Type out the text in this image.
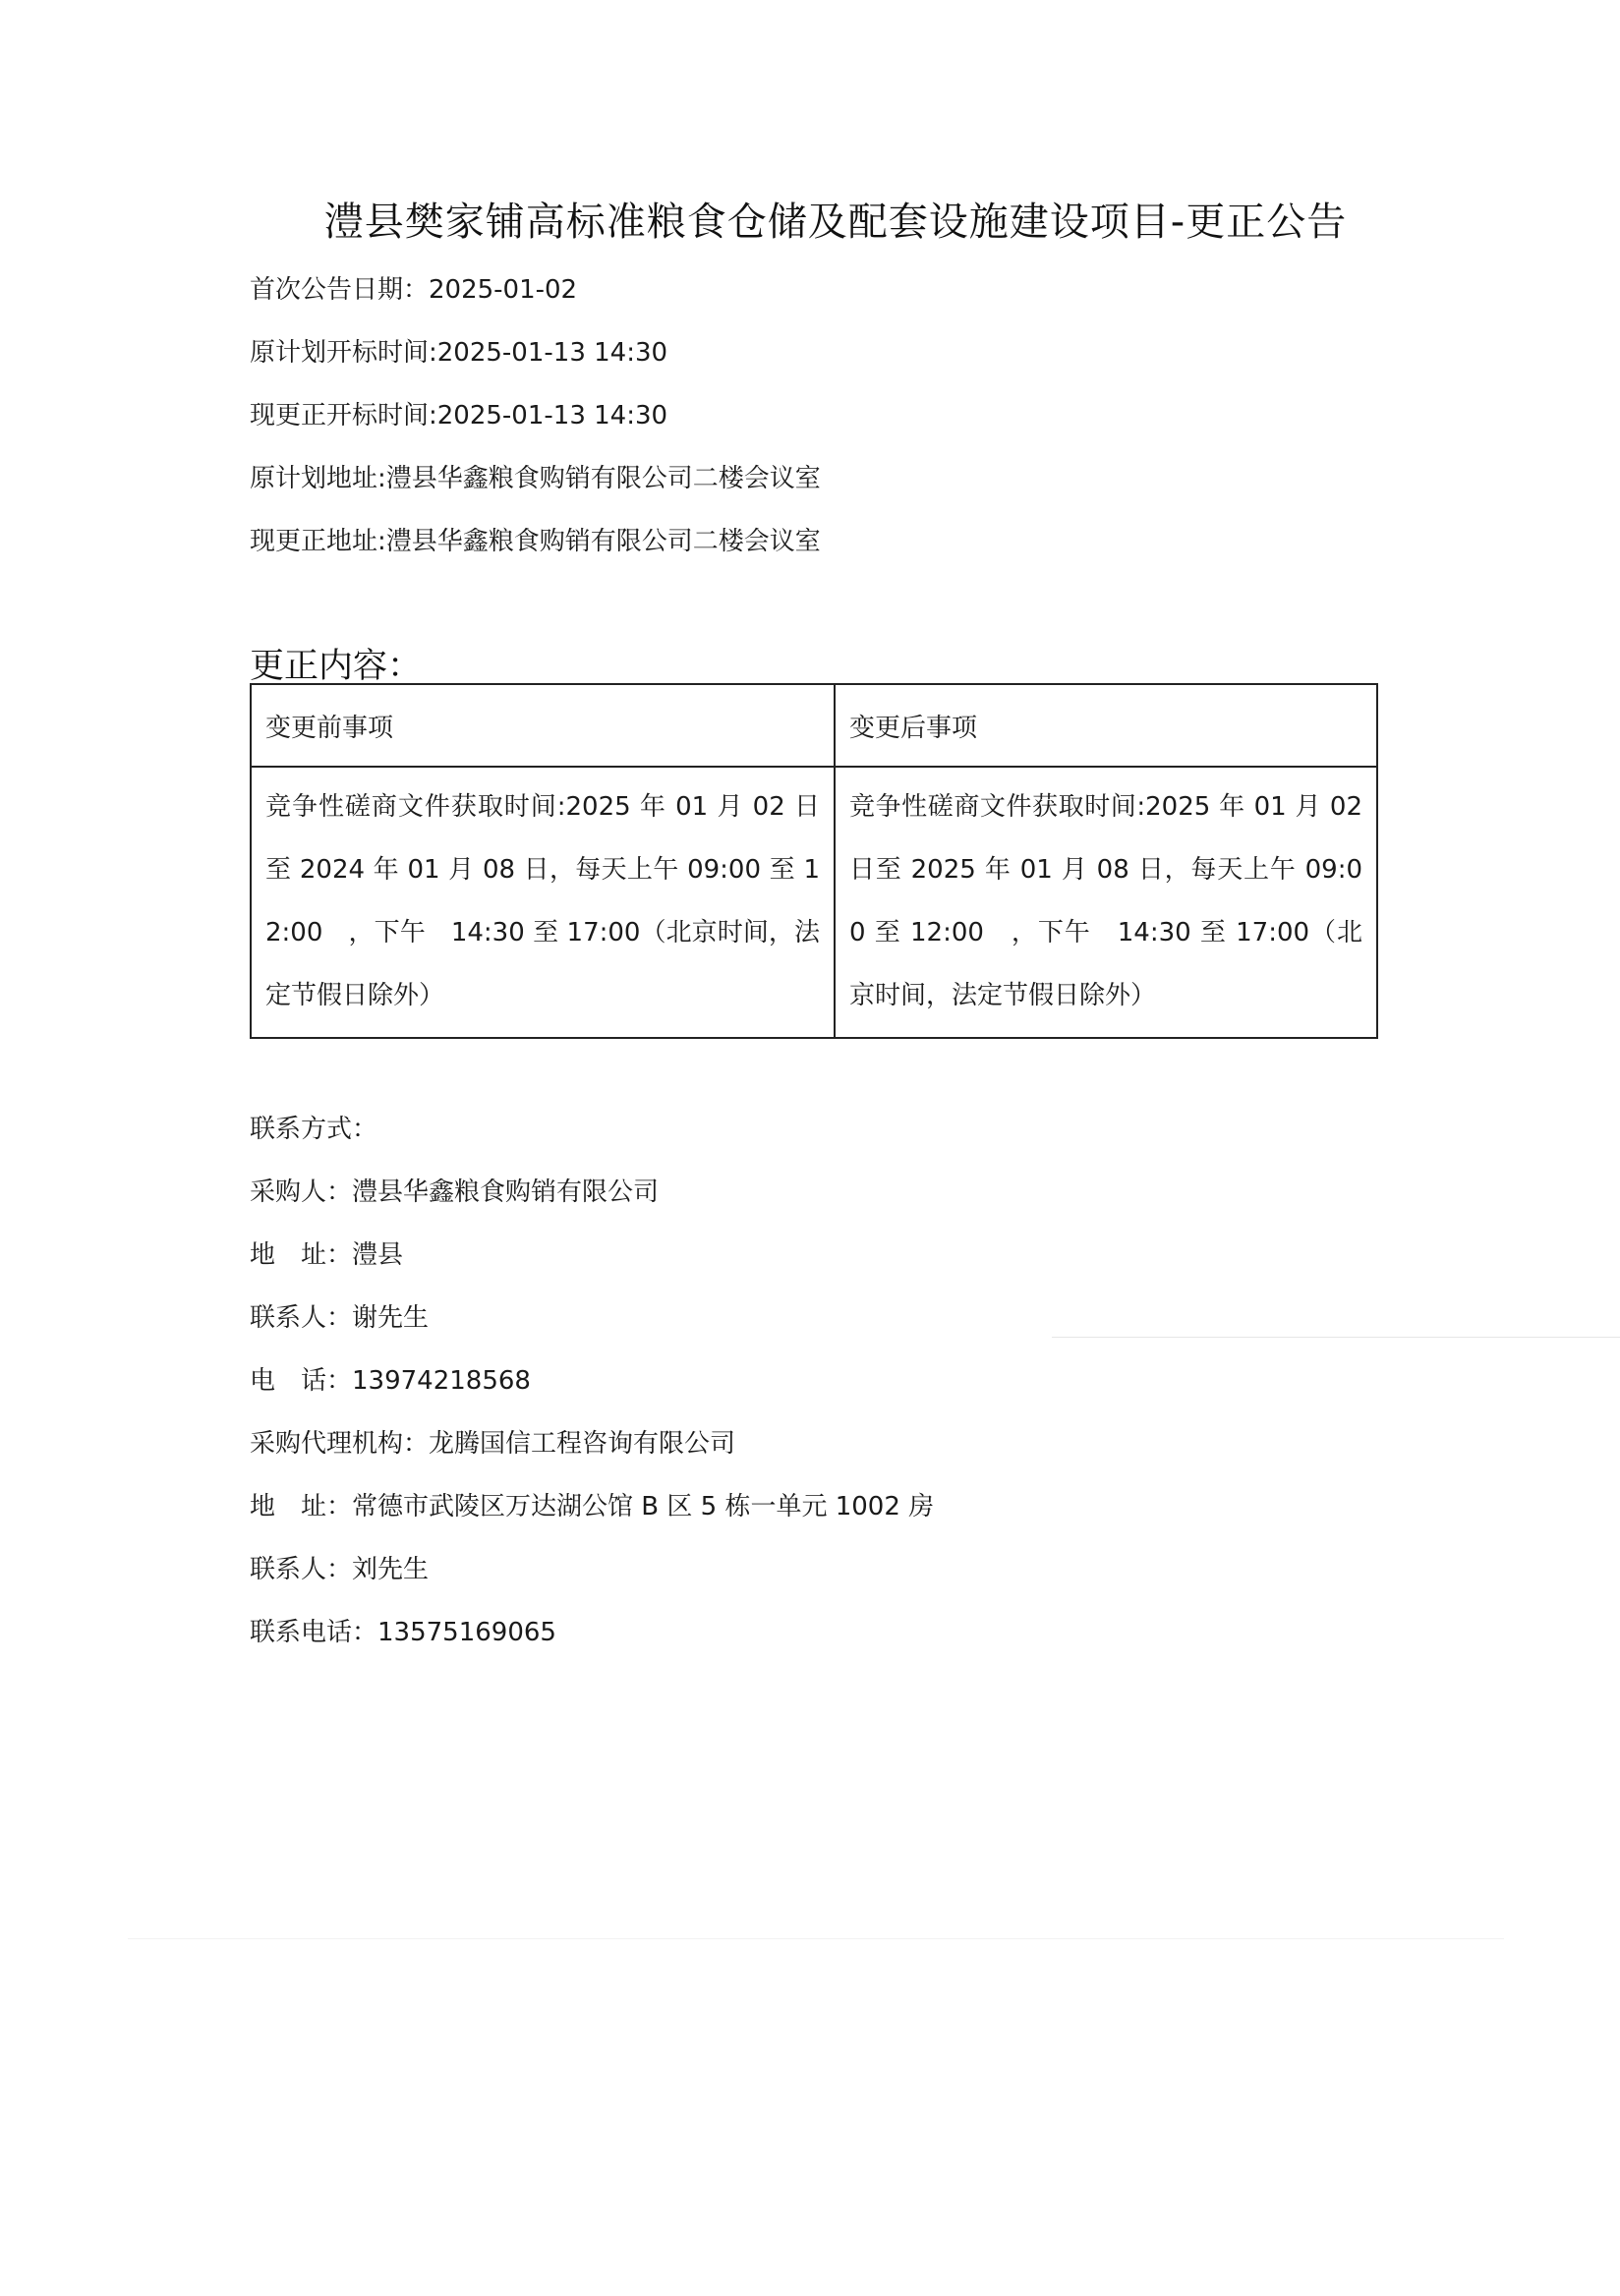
澧县樊家铺高标准粮食仓储及配套设施建设项目-更正公告
首次公告日期：2025-01-02
原计划开标时间:2025-01-13 14:30
现更正开标时间:2025-01-13 14:30
原计划地址:澧县华鑫粮食购销有限公司二楼会议室
现更正地址:澧县华鑫粮食购销有限公司二楼会议室
更正内容：
变更前事项	变更后事项
竞争性磋商文件获取时间:2025 年 01 月 02 日至 2024 年 01 月 08 日，每天上午 09:00 至 12:00　，下午　14:30 至 17:00（北京时间，法定节假日除外）	竞争性磋商文件获取时间:2025 年 01 月 02 日至 2025 年 01 月 08 日，每天上午 09:00 至 12:00　，下午　14:30 至 17:00（北京时间，法定节假日除外）
联系方式：
采购人：澧县华鑫粮食购销有限公司
地　址：澧县
联系人：谢先生
电　话：13974218568
采购代理机构：龙腾国信工程咨询有限公司
地　址：常德市武陵区万达湖公馆 B 区 5 栋一单元 1002 房
联系人：刘先生
联系电话：13575169065
